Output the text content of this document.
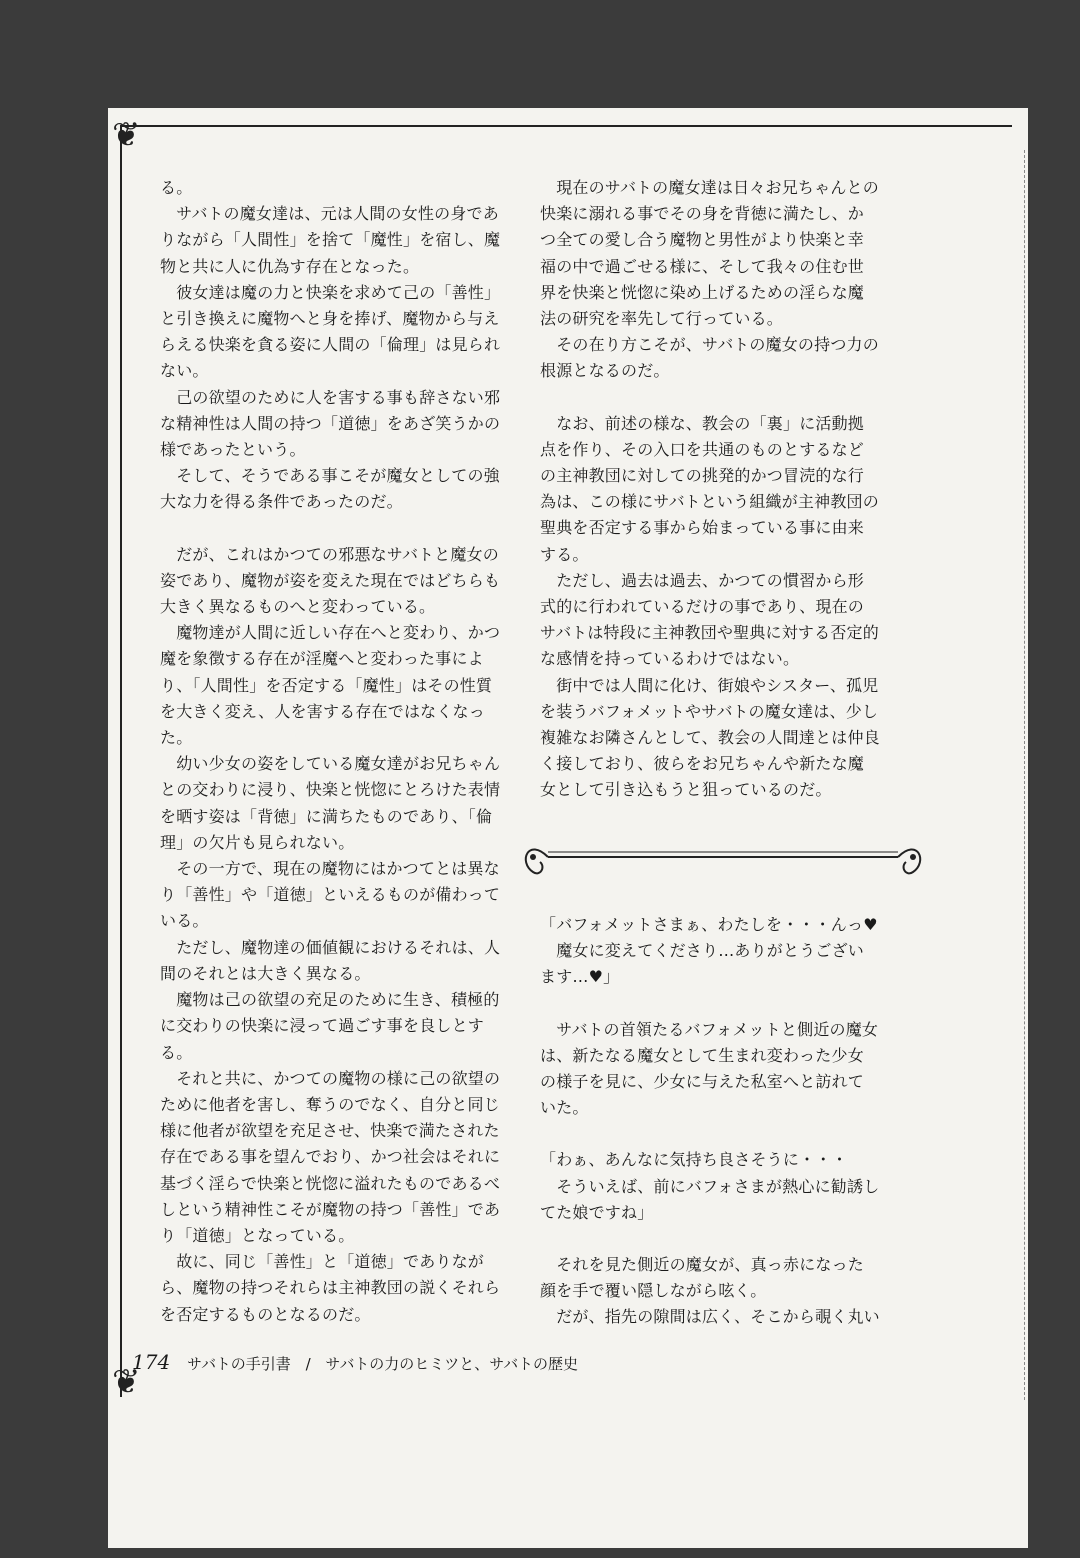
❦
❦

る。

　サバトの魔女達は、元は人間の女性の身でありながら「人間性」を捨て「魔性」を宿し、魔物と共に人に仇為す存在となった。

　彼女達は魔の力と快楽を求めて己の「善性」と引き換えに魔物へと身を捧げ、魔物から与えらえる快楽を貪る姿に人間の「倫理」は見られない。

　己の欲望のために人を害する事も辞さない邪な精神性は人間の持つ「道徳」をあざ笑うかの様であったという。

　そして、そうである事こそが魔女としての強大な力を得る条件であったのだ。

　だが、これはかつての邪悪なサバトと魔女の姿であり、魔物が姿を変えた現在ではどちらも大きく異なるものへと変わっている。

　魔物達が人間に近しい存在へと変わり、かつ魔を象徴する存在が淫魔へと変わった事により、「人間性」を否定する「魔性」はその性質を大きく変え、人を害する存在ではなくなった。

　幼い少女の姿をしている魔女達がお兄ちゃんとの交わりに浸り、快楽と恍惚にとろけた表情を晒す姿は「背徳」に満ちたものであり、「倫理」の欠片も見られない。

　その一方で、現在の魔物にはかつてとは異なり「善性」や「道徳」といえるものが備わっている。

　ただし、魔物達の価値観におけるそれは、人間のそれとは大きく異なる。

　魔物は己の欲望の充足のために生き、積極的に交わりの快楽に浸って過ごす事を良しとする。

　それと共に、かつての魔物の様に己の欲望のために他者を害し、奪うのでなく、自分と同じ様に他者が欲望を充足させ、快楽で満たされた存在である事を望んでおり、かつ社会はそれに基づく淫らで快楽と恍惚に溢れたものであるべしという精神性こそが魔物の持つ「善性」であり「道徳」となっている。

　故に、同じ「善性」と「道徳」でありながら、魔物の持つそれらは主神教団の説くそれらを否定するものとなるのだ。

　現在のサバトの魔女達は日々お兄ちゃんとの快楽に溺れる事でその身を背徳に満たし、かつ全ての愛し合う魔物と男性がより快楽と幸福の中で過ごせる様に、そして我々の住む世界を快楽と恍惚に染め上げるための淫らな魔法の研究を率先して行っている。

　その在り方こそが、サバトの魔女の持つ力の根源となるのだ。

　なお、前述の様な、教会の「裏」に活動拠点を作り、その入口を共通のものとするなどの主神教団に対しての挑発的かつ冒涜的な行為は、この様にサバトという組織が主神教団の聖典を否定する事から始まっている事に由来する。

　ただし、過去は過去、かつての慣習から形式的に行われているだけの事であり、現在のサバトは特段に主神教団や聖典に対する否定的な感情を持っているわけではない。

　街中では人間に化け、街娘やシスター、孤児を装うバフォメットやサバトの魔女達は、少し複雑なお隣さんとして、教会の人間達とは仲良く接しており、彼らをお兄ちゃんや新たな魔女として引き込もうと狙っているのだ。

「バフォメットさまぁ、わたしを・・・んっ♥

　魔女に変えてくださり…ありがとうございます…♥」

　サバトの首領たるバフォメットと側近の魔女は、新たなる魔女として生まれ変わった少女の様子を見に、少女に与えた私室へと訪れていた。

「わぁ、あんなに気持ち良さそうに・・・

　そういえば、前にバフォさまが熱心に勧誘してた娘ですね」

　それを見た側近の魔女が、真っ赤になった顔を手で覆い隠しながら呟く。

　だが、指先の隙間は広く、そこから覗く丸い

174 サバトの手引書 / サバトの力のヒミツと、サバトの歴史
